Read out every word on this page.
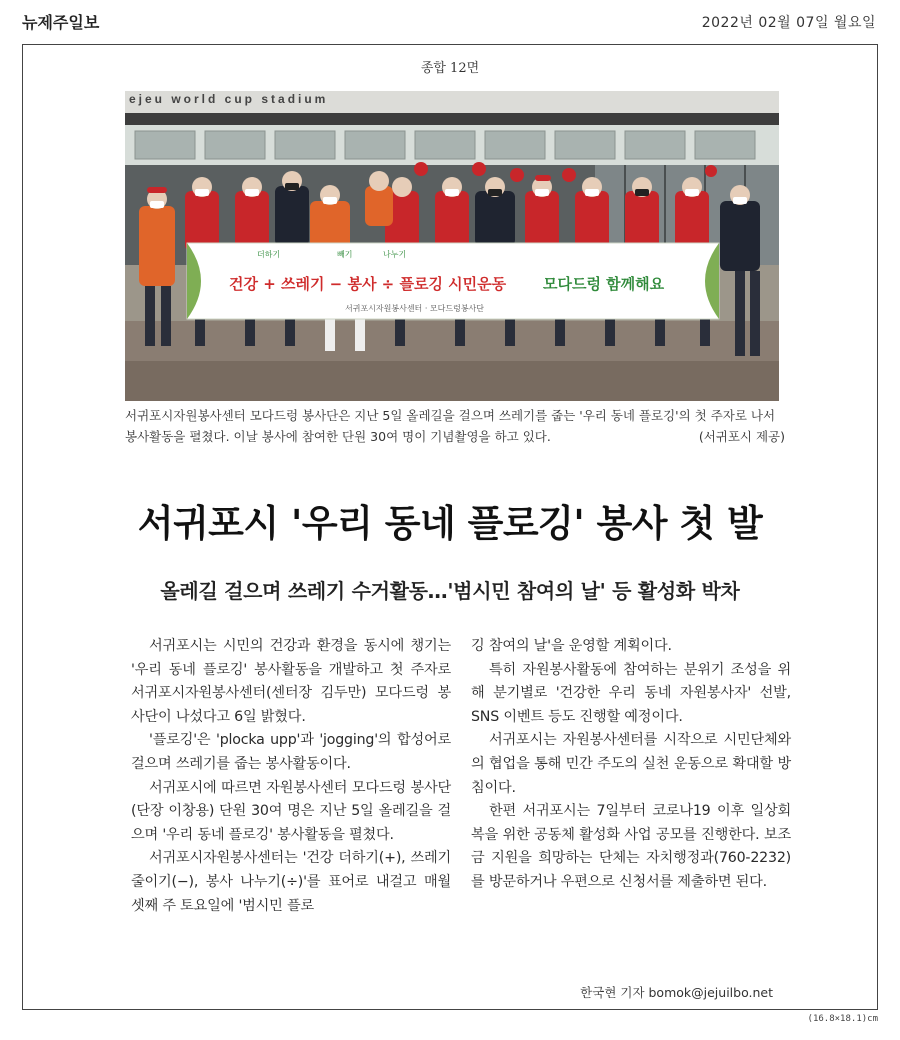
뉴제주일보	2022년 02월 07일 월요일
종합 12면
ejeu world cup stadium
더하기	빼기	나누기
건강 + 쓰레기 − 봉사 ÷ 플로깅 시민운동 모다드렁 함께해요
서귀포시자원봉사센터 · 모다드렁봉사단
서귀포시자원봉사센터 모다드렁 봉사단은 지난 5일 올레길을 걸으며 쓰레기를 줍는 '우리 동네 플로깅'의 첫 주자로 나서 봉사활동을 펼쳤다. 이날 봉사에 참여한 단원 30여 명이 기념촬영을 하고 있다.	(서귀포시 제공)
서귀포시 '우리 동네 플로깅' 봉사 첫 발
올레길 걸으며 쓰레기 수거활동…'범시민 참여의 날' 등 활성화 박차

서귀포시는 시민의 건강과 환경을 동시에 챙기는 '우리 동네 플로깅' 봉사활동을 개발하고 첫 주자로 서귀포시자원봉사센터(센터장 김두만) 모다드렁 봉사단이 나섰다고 6일 밝혔다.

'플로깅'은 'plocka upp'과 'jogging'의 합성어로 걸으며 쓰레기를 줍는 봉사활동이다.

서귀포시에 따르면 자원봉사센터 모다드렁 봉사단(단장 이창용) 단원 30여 명은 지난 5일 올레길을 걸으며 '우리 동네 플로깅' 봉사활동을 펼쳤다.

서귀포시자원봉사센터는 '건강 더하기(+), 쓰레기 줄이기(−), 봉사 나누기(÷)'를 표어로 내걸고 매월 셋째 주 토요일에 '범시민 플로

깅 참여의 날'을 운영할 계획이다.

특히 자원봉사활동에 참여하는 분위기 조성을 위해 분기별로 '건강한 우리 동네 자원봉사자' 선발, SNS 이벤트 등도 진행할 예정이다.

서귀포시는 자원봉사센터를 시작으로 시민단체와의 협업을 통해 민간 주도의 실천 운동으로 확대할 방침이다.

한편 서귀포시는 7일부터 코로나19 이후 일상회복을 위한 공동체 활성화 사업 공모를 진행한다. 보조금 지원을 희망하는 단체는 자치행정과(760-2232)를 방문하거나 우편으로 신청서를 제출하면 된다.

한국현 기자 bomok@jejuilbo.net
(16.8×18.1)cm
